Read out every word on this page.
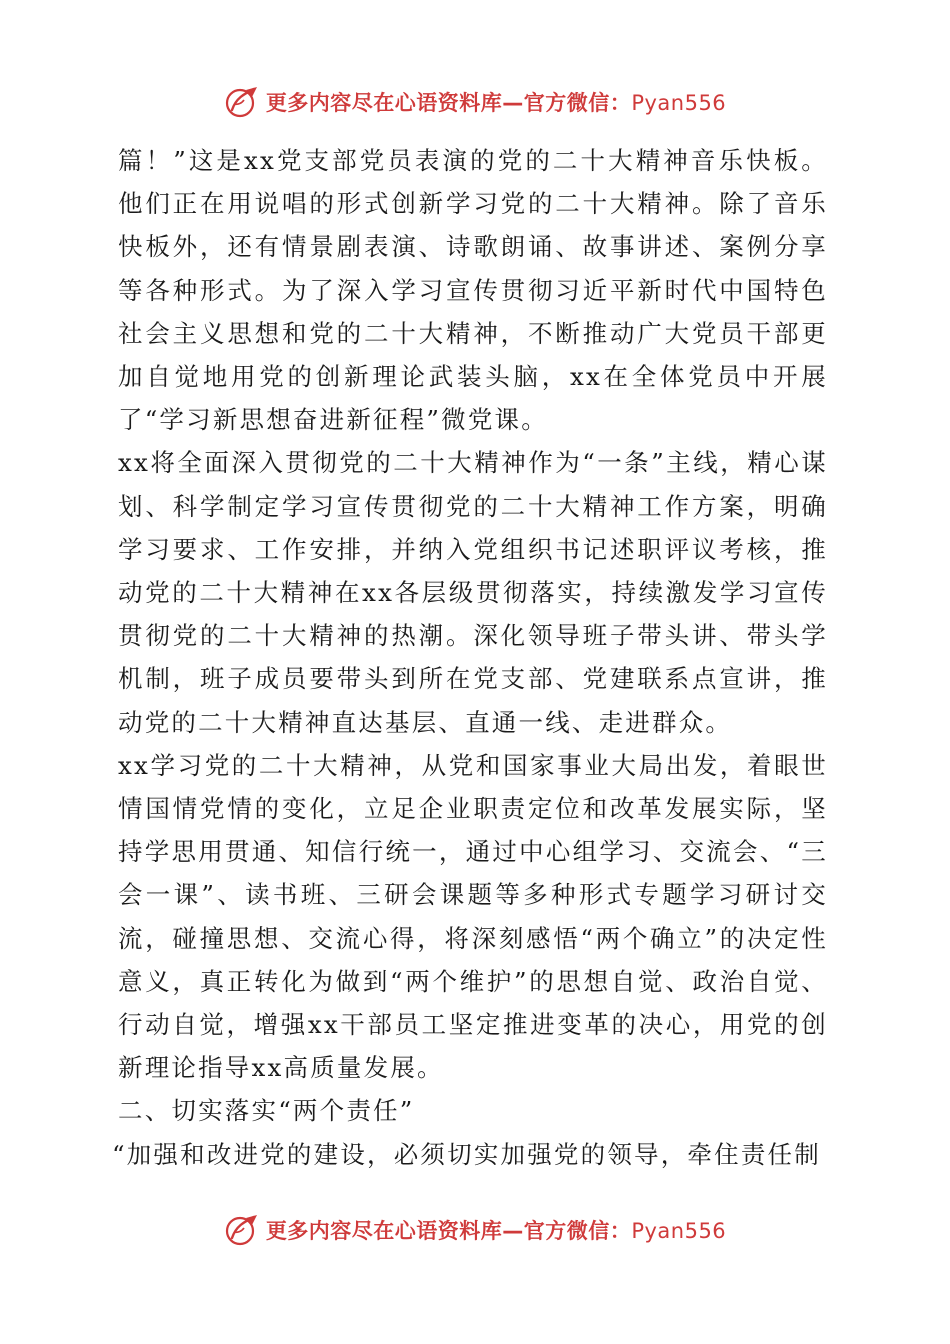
更多内容尽在心语资料库—官方微信：Pyan556

篇！”这是xx党支部党员表演的党的二十大精神音乐快板。他们正在用说唱的形式创新学习党的二十大精神。除了音乐快板外，还有情景剧表演、诗歌朗诵、故事讲述、案例分享等各种形式。为了深入学习宣传贯彻习近平新时代中国特色社会主义思想和党的二十大精神，不断推动广大党员干部更加自觉地用党的创新理论武装头脑，xx在全体党员中开展了“学习新思想奋进新征程”微党课。

xx将全面深入贯彻党的二十大精神作为“一条”主线，精心谋划、科学制定学习宣传贯彻党的二十大精神工作方案，明确学习要求、工作安排，并纳入党组织书记述职评议考核，推动党的二十大精神在xx各层级贯彻落实，持续激发学习宣传贯彻党的二十大精神的热潮。深化领导班子带头讲、带头学机制，班子成员要带头到所在党支部、党建联系点宣讲，推动党的二十大精神直达基层、直通一线、走进群众。

xx学习党的二十大精神，从党和国家事业大局出发，着眼世情国情党情的变化，立足企业职责定位和改革发展实际，坚持学思用贯通、知信行统一，通过中心组学习、交流会、“三会一课”、读书班、三研会课题等多种形式专题学习研讨交流，碰撞思想、交流心得，将深刻感悟“两个确立”的决定性意义，真正转化为做到“两个维护”的思想自觉、政治自觉、行动自觉，增强xx干部员工坚定推进变革的决心，用党的创新理论指导xx高质量发展。

二、切实落实“两个责任”

“加强和改进党的建设，必须切实加强党的领导，牵住责任制

更多内容尽在心语资料库—官方微信：Pyan556
